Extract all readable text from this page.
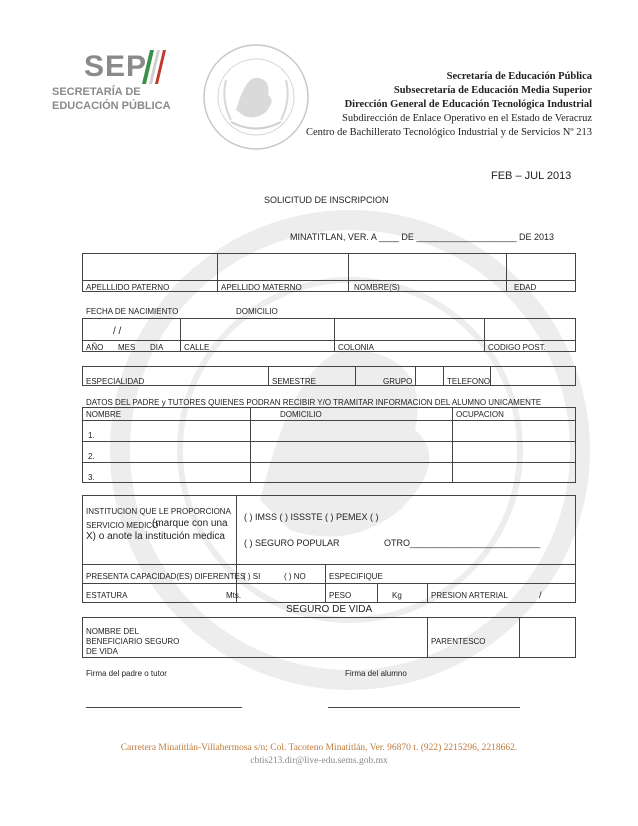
SEP
SECRETARÍA DE
EDUCACIÓN PÚBLICA
Secretaría de Educación Pública
Subsecretaría de Educación Media Superior
Dirección General de Educación Tecnológica Industrial
Subdirección de Enlace Operativo en el Estado de Veracruz
Centro de Bachillerato Tecnológico Industrial y de Servicios Nº 213
FEB – JUL 2013
SOLICITUD DE INSCRIPCION
MINATITLAN, VER. A ____ DE ____________________ DE 2013
APELLLIDO PATERNO	APELLIDO MATERNO	NOMBRE(S)	EDAD
FECHA DE NACIMIENTO	DOMICILIO
/ /
AÑO MES DIA	CALLE	COLONIA	CODIGO POST.
ESPECIALIDAD	SEMESTRE	GRUPO	TELEFONO
DATOS DEL PADRE y TUTORES QUIENES PODRAN RECIBIR Y/O TRAMITAR INFORMACION DEL ALUMNO UNICAMENTE
NOMBRE	DOMICILIO	OCUPACION
1.
2.
3.
INSTITUCION QUE LE PROPORCIONA
SERVICIO MEDICO
(marque con una
X) o anote la institución medica
( ) IMSS ( ) ISSSTE ( ) PEMEX ( )
( ) SEGURO POPULAR	OTRO__________________________
PRESENTA CAPACIDAD(ES) DIFERENTES
( ) SI	( ) NO	ESPECIFIQUE
ESTATURA	Mts.	PESO	Kg	PRESION ARTERIAL	/
SEGURO DE VIDA
NOMBRE DEL
BENEFICIARIO SEGURO
DE VIDA
PARENTESCO
Firma del padre o tutor	Firma del alumno
Carretera Minatitlán-Villahermosa s/n; Col. Tacoteno Minatitlán, Ver. 96870 t. (922) 2215296, 2218662.
cbtis213.dir@live-edu.sems.gob.mx
